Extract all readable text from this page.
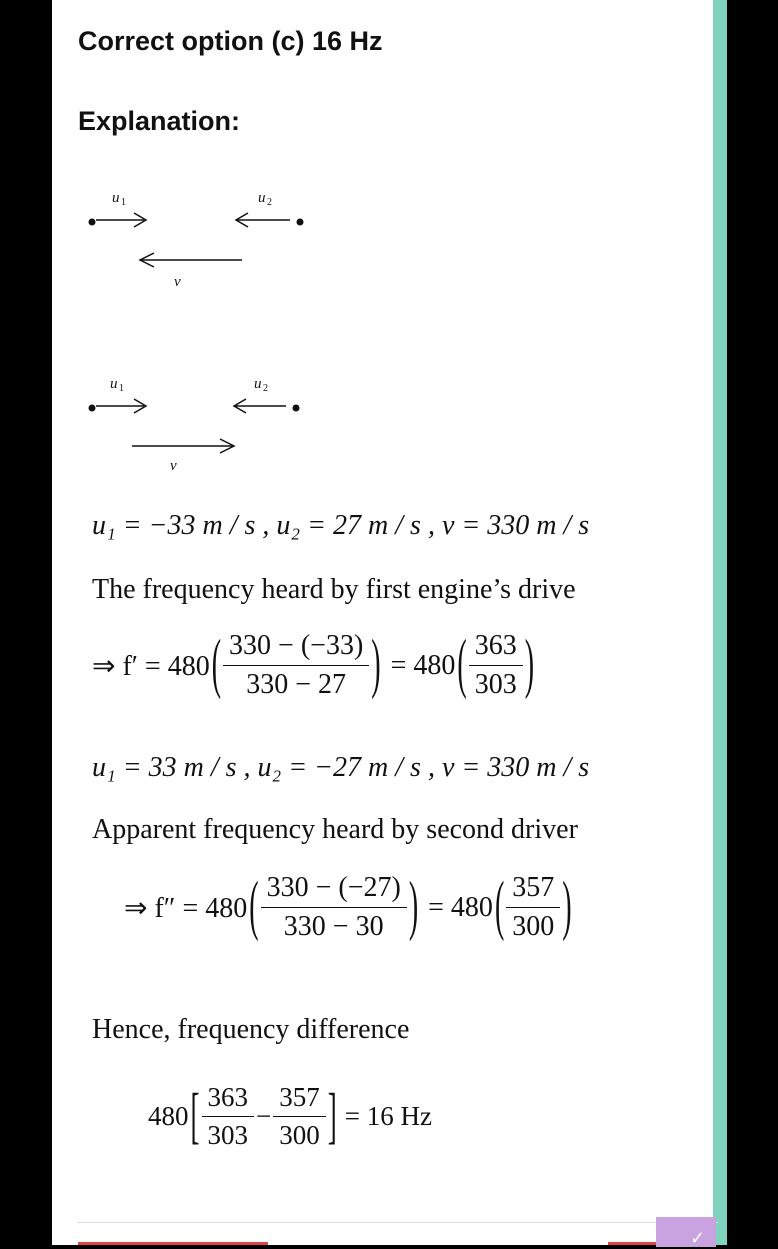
Correct option (c) 16 Hz
Explanation:
u 1	u 2
v
u 1	u 2
v
u₁ = −33 m / s , u₂ = 27 m / s , v = 330 m / s
The frequency heard by first engine’s drive
⇒ f′ = 480 ( $\frac{330 - (-33)}{330 - 27}$ ) = 480 ( $\frac{363}{303}$ )
u₁ = 33 m / s , u₂ = −27 m / s , v = 330 m / s
Apparent frequency heard by second driver
⇒ f″ = 480 ( $\frac{330 - (-27)}{330 - 30}$ ) = 480 ( $\frac{357}{300}$ )
Hence, frequency difference
480 [ $\frac{363}{303} - \frac{357}{300}$ ] = 16 Hz
✓
